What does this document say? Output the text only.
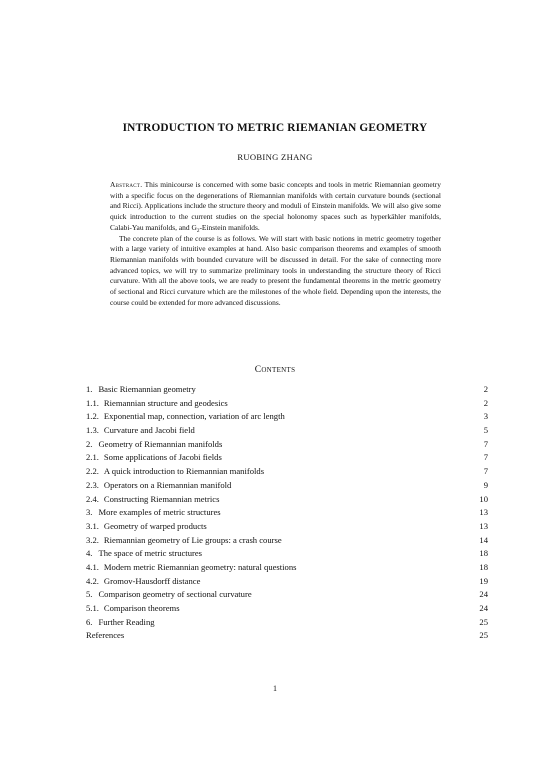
INTRODUCTION TO METRIC RIEMANIAN GEOMETRY
RUOBING ZHANG

Abstract. This minicourse is concerned with some basic concepts and tools in metric Riemannian geometry with a specific focus on the degenerations of Riemannian manifolds with certain curvature bounds (sectional and Ricci). Applications include the structure theory and moduli of Einstein manifolds. We will also give some quick introduction to the current studies on the special holonomy spaces such as hyperkähler manifolds, Calabi-Yau manifolds, and $G_2$-Einstein manifolds.

The concrete plan of the course is as follows. We will start with basic notions in metric geometry together with a large variety of intuitive examples at hand. Also basic comparison theorems and examples of smooth Riemannian manifolds with bounded curvature will be discussed in detail. For the sake of connecting more advanced topics, we will try to summarize preliminary tools in understanding the structure theory of Ricci curvature. With all the above tools, we are ready to present the fundamental theorems in the metric geometry of sectional and Ricci curvature which are the milestones of the whole field. Depending upon the interests, the course could be extended for more advanced discussions.

Contents
1. Basic Riemannian geometry	2
1.1. Riemannian structure and geodesics	2
1.2. Exponential map, connection, variation of arc length	3
1.3. Curvature and Jacobi field	5
2. Geometry of Riemannian manifolds	7
2.1. Some applications of Jacobi fields	7
2.2. A quick introduction to Riemannian manifolds	7
2.3. Operators on a Riemannian manifold	9
2.4. Constructing Riemannian metrics	10
3. More examples of metric structures	13
3.1. Geometry of warped products	13
3.2. Riemannian geometry of Lie groups: a crash course	14
4. The space of metric structures	18
4.1. Modern metric Riemannian geometry: natural questions	18
4.2. Gromov-Hausdorff distance	19
5. Comparison geometry of sectional curvature	24
5.1. Comparison theorems	24
6. Further Reading	25
References	25
1
